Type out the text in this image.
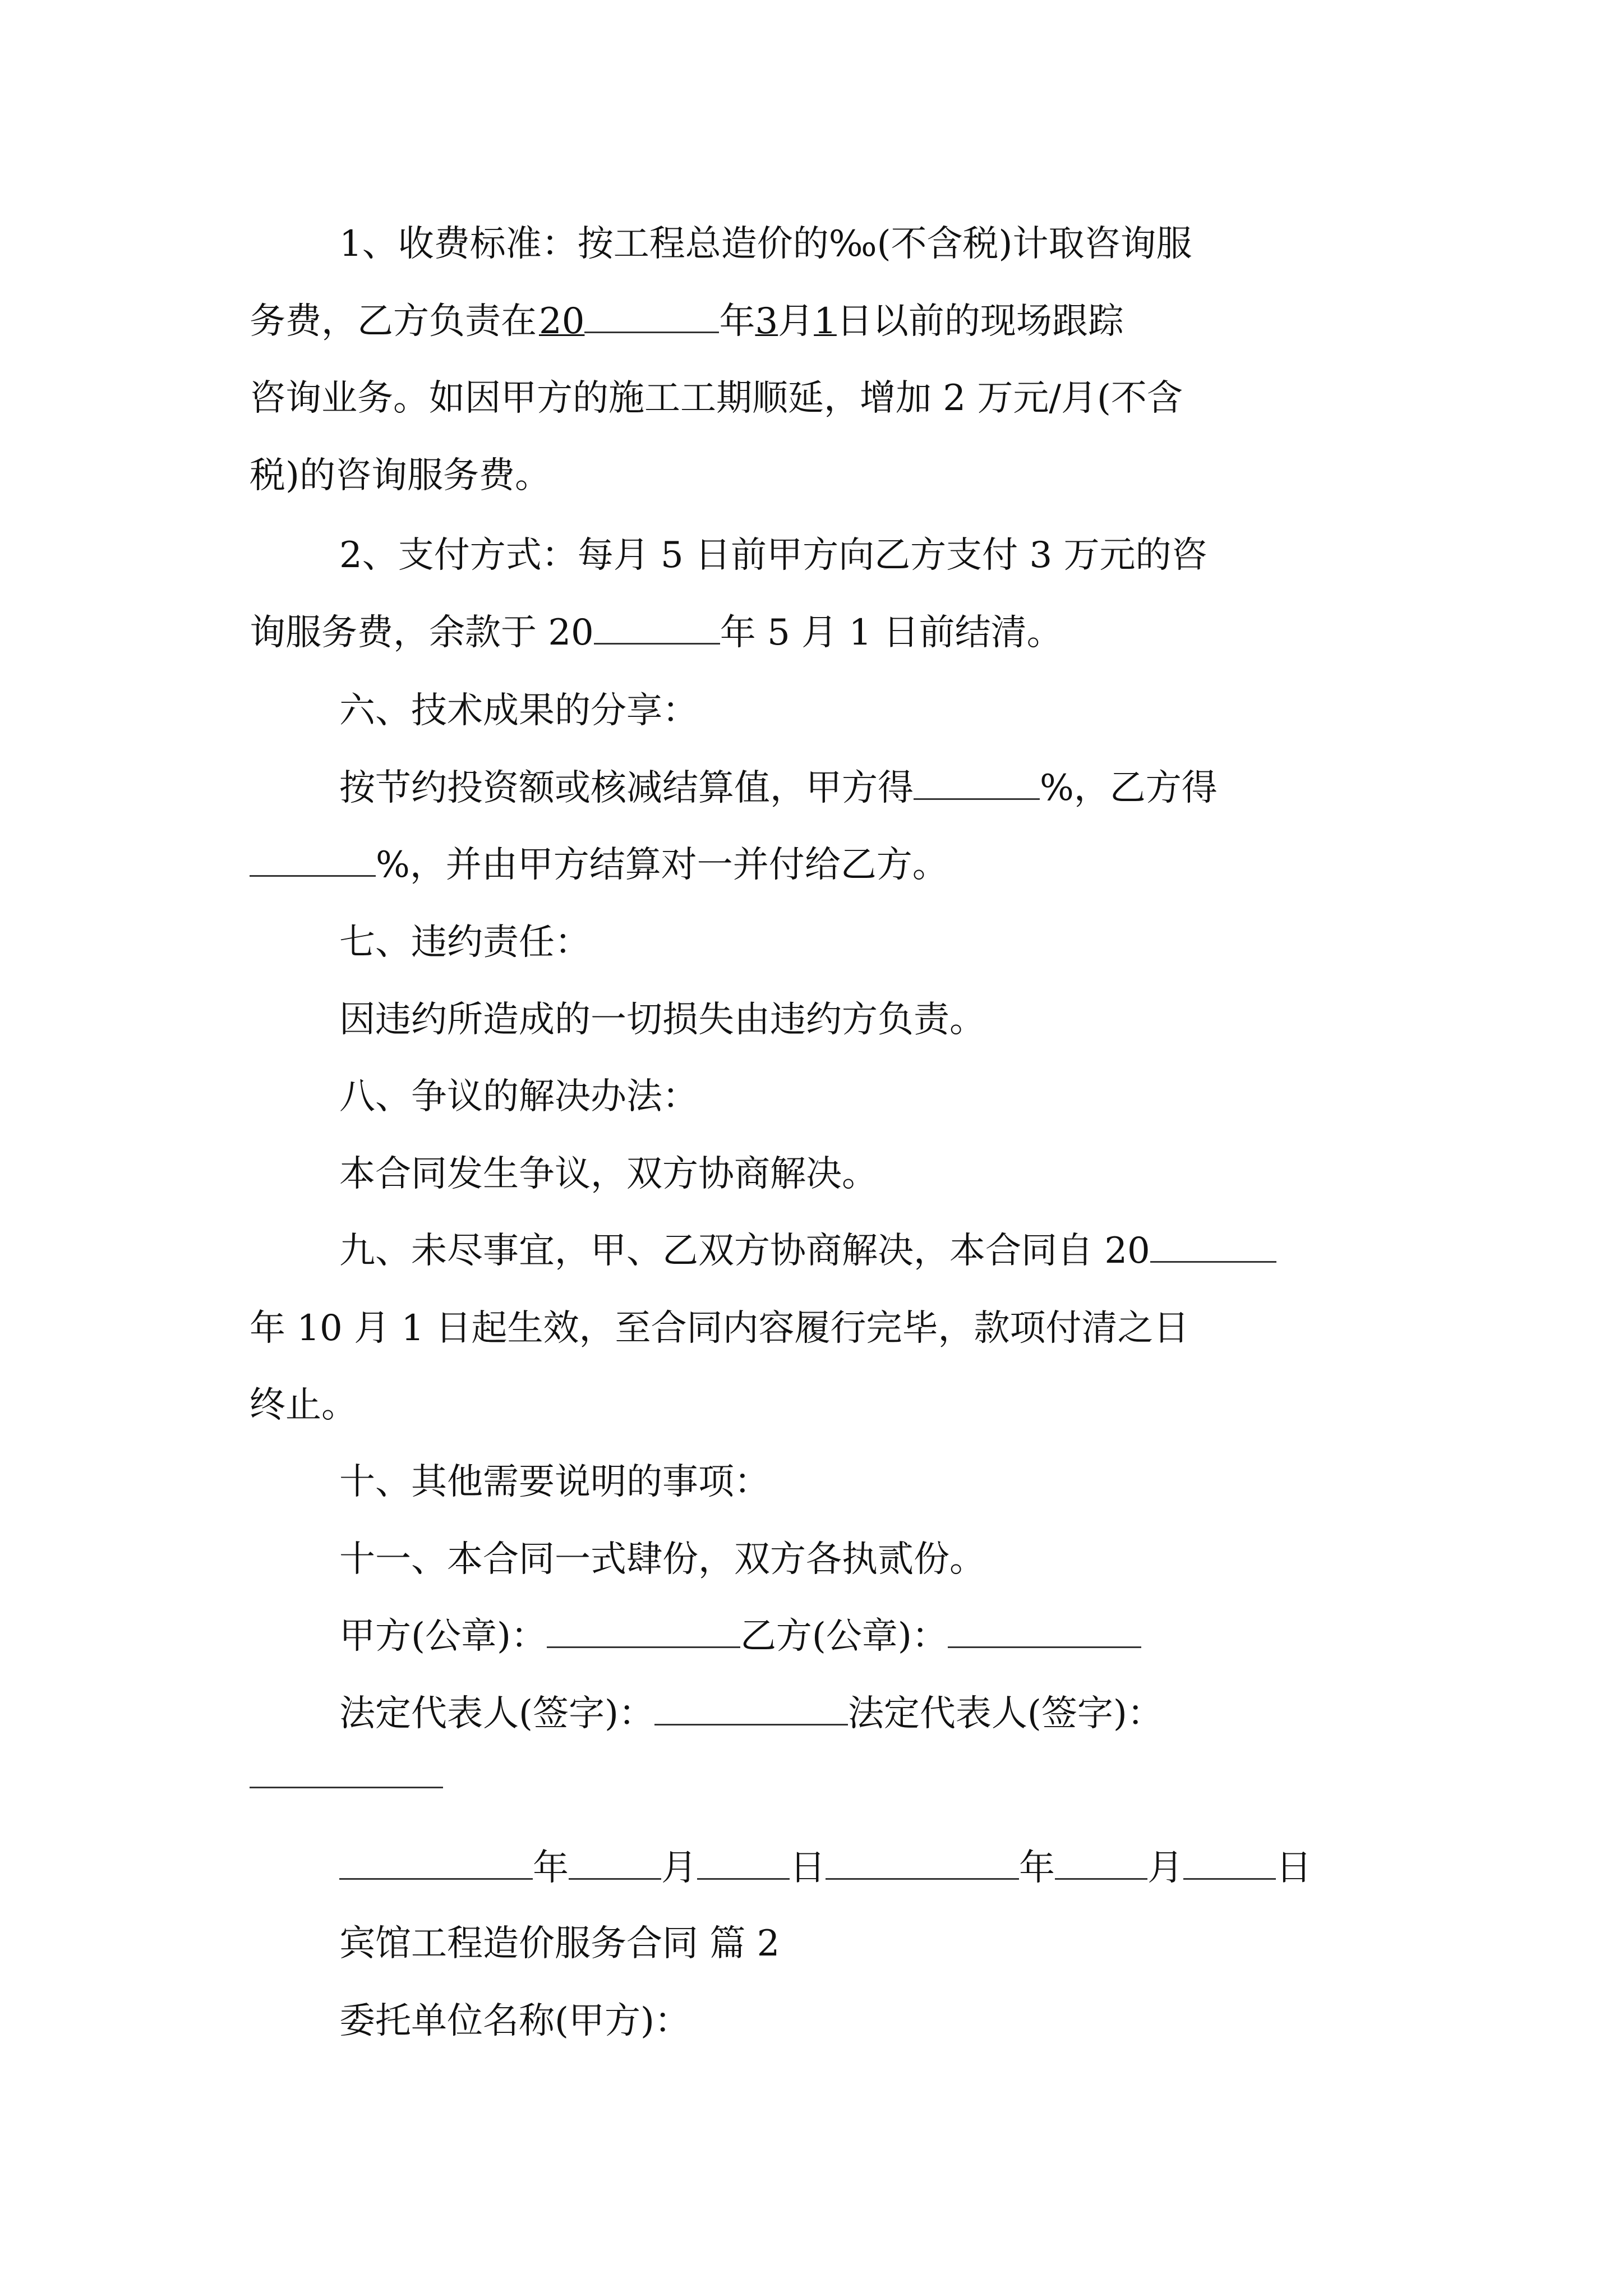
1、收费标准：按工程总造价的‰(不含税)计取咨询服
务费，乙方负责在20	年3月1日以前的现场跟踪
咨询业务。如因甲方的施工工期顺延，增加 2 万元/月(不含
税)的咨询服务费。
2、支付方式：每月 5 日前甲方向乙方支付 3 万元的咨
询服务费，余款于 20	年 5 月 1 日前结清。
六、技术成果的分享：
按节约投资额或核减结算值，甲方得	%，乙方得
%，并由甲方结算对一并付给乙方。
七、违约责任：
因违约所造成的一切损失由违约方负责。
八、争议的解决办法：
本合同发生争议，双方协商解决。
九、未尽事宜，甲、乙双方协商解决，本合同自 20
年 10 月 1 日起生效，至合同内容履行完毕，款项付清之日
终止。
十、其他需要说明的事项：
十一、本合同一式肆份，双方各执贰份。
甲方(公章)：	乙方(公章)：
法定代表人(签字)：	法定代表人(签字)：
年	月	日	年	月	日
宾馆工程造价服务合同 篇 2
委托单位名称(甲方)：
